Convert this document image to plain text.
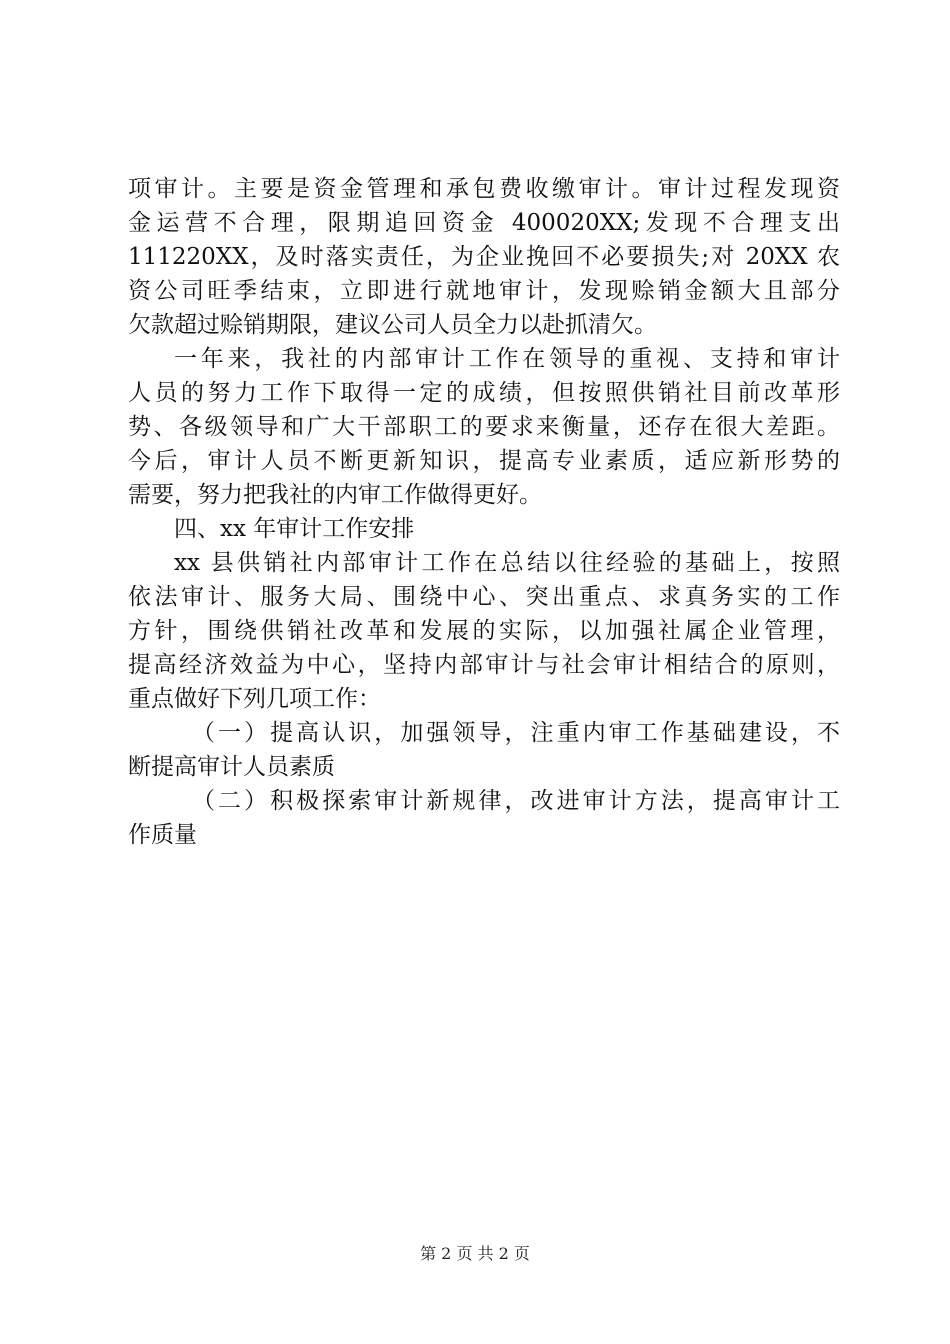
项审计。主要是资金管理和承包费收缴审计。审计过程发现资
金运营不合理，限期追回资金 400020XX;发现不合理支出
111220XX，及时落实责任，为企业挽回不必要损失;对 20XX 农
资公司旺季结束，立即进行就地审计，发现赊销金额大且部分
欠款超过赊销期限，建议公司人员全力以赴抓清欠。
一年来，我社的内部审计工作在领导的重视、支持和审计
人员的努力工作下取得一定的成绩，但按照供销社目前改革形
势、各级领导和广大干部职工的要求来衡量，还存在很大差距。
今后，审计人员不断更新知识，提高专业素质，适应新形势的
需要，努力把我社的内审工作做得更好。
四、xx 年审计工作安排
xx 县供销社内部审计工作在总结以往经验的基础上，按照
依法审计、服务大局、围绕中心、突出重点、求真务实的工作
方针，围绕供销社改革和发展的实际，以加强社属企业管理，
提高经济效益为中心，坚持内部审计与社会审计相结合的原则，
重点做好下列几项工作：
（一）提高认识，加强领导，注重内审工作基础建设，不
断提高审计人员素质
（二）积极探索审计新规律，改进审计方法，提高审计工
作质量
第 2 页 共 2 页
